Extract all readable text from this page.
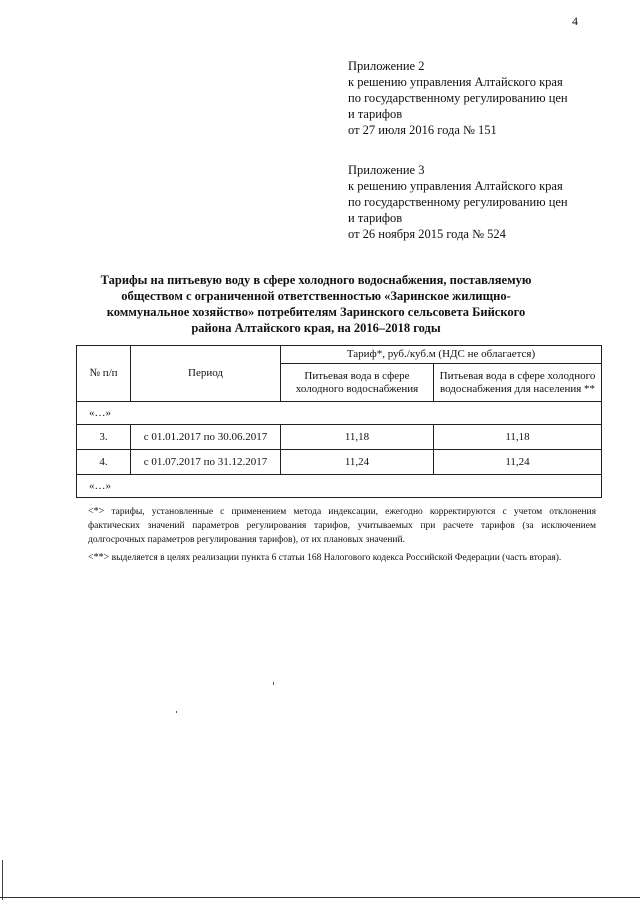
4
Приложение 2
к решению управления Алтайского края
по государственному регулированию цен
и тарифов
от 27 июля 2016 года № 151
Приложение 3
к решению управления Алтайского края
по государственному регулированию цен
и тарифов
от 26 ноября 2015 года № 524
Тарифы на питьевую воду в сфере холодного водоснабжения, поставляемую обществом с ограниченной ответственностью «Заринское жилищно-коммунальное хозяйство» потребителям Заринского сельсовета Бийского района Алтайского края, на 2016–2018 годы
№ п/п	Период	Тариф*, руб./куб.м (НДС не облагается)	
		Питьевая вода в сфере холодного водоснабжения	Питьевая вода в сфере холодного водоснабжения для населения **
«…»			
3.	с 01.01.2017 по 30.06.2017	11,18	11,18
4.	с 01.07.2017 по 31.12.2017	11,24	11,24
«…»			

<*> тарифы, установленные с применением метода индексации, ежегодно корректируются с учетом отклонения фактических значений параметров регулирования тарифов, учитываемых при расчете тарифов (за исключением долгосрочных параметров регулирования тарифов), от их плановых значений.

<**> выделяется в целях реализации пункта 6 статьи 168 Налогового кодекса Российской Федерации (часть вторая).
